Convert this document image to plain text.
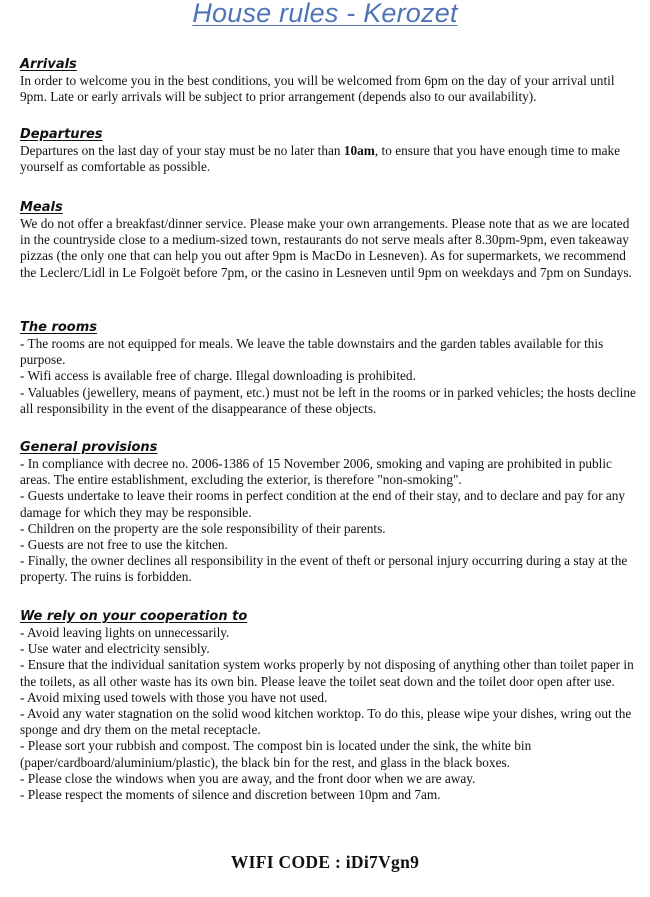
House rules - Kerozet
Arrivals

In order to welcome you in the best conditions, you will be welcomed from 6pm on the day of your arrival until 9pm. Late or early arrivals will be subject to prior arrangement (depends also to our availability).

Departures

Departures on the last day of your stay must be no later than 10am, to ensure that you have enough time to make yourself as comfortable as possible.

Meals

We do not offer a breakfast/dinner service. Please make your own arrangements. Please note that as we are located in the countryside close to a medium-sized town, restaurants do not serve meals after 8.30pm-9pm, even takeaway pizzas (the only one that can help you out after 9pm is MacDo in Lesneven). As for supermarkets, we recommend the Leclerc/Lidl in Le Folgoët before 7pm, or the casino in Lesneven until 9pm on weekdays and 7pm on Sundays.

The rooms
- The rooms are not equipped for meals. We leave the table downstairs and the garden tables available for this purpose.
- Wifi access is available free of charge. Illegal downloading is prohibited.
- Valuables (jewellery, means of payment, etc.) must not be left in the rooms or in parked vehicles; the hosts decline all responsibility in the event of the disappearance of these objects.
General provisions
- In compliance with decree no. 2006-1386 of 15 November 2006, smoking and vaping are prohibited in public areas. The entire establishment, excluding the exterior, is therefore "non-smoking".
- Guests undertake to leave their rooms in perfect condition at the end of their stay, and to declare and pay for any damage for which they may be responsible.
- Children on the property are the sole responsibility of their parents.
- Guests are not free to use the kitchen.
- Finally, the owner declines all responsibility in the event of theft or personal injury occurring during a stay at the property. The ruins is forbidden.
We rely on your cooperation to
- Avoid leaving lights on unnecessarily.
- Use water and electricity sensibly.
- Ensure that the individual sanitation system works properly by not disposing of anything other than toilet paper in the toilets, as all other waste has its own bin. Please leave the toilet seat down and the toilet door open after use.
- Avoid mixing used towels with those you have not used.
- Avoid any water stagnation on the solid wood kitchen worktop. To do this, please wipe your dishes, wring out the sponge and dry them on the metal receptacle.
- Please sort your rubbish and compost. The compost bin is located under the sink, the white bin (paper/cardboard/aluminium/plastic), the black bin for the rest, and glass in the black boxes.
- Please close the windows when you are away, and the front door when we are away.
- Please respect the moments of silence and discretion between 10pm and 7am.
WIFI CODE : iDi7Vgn9
